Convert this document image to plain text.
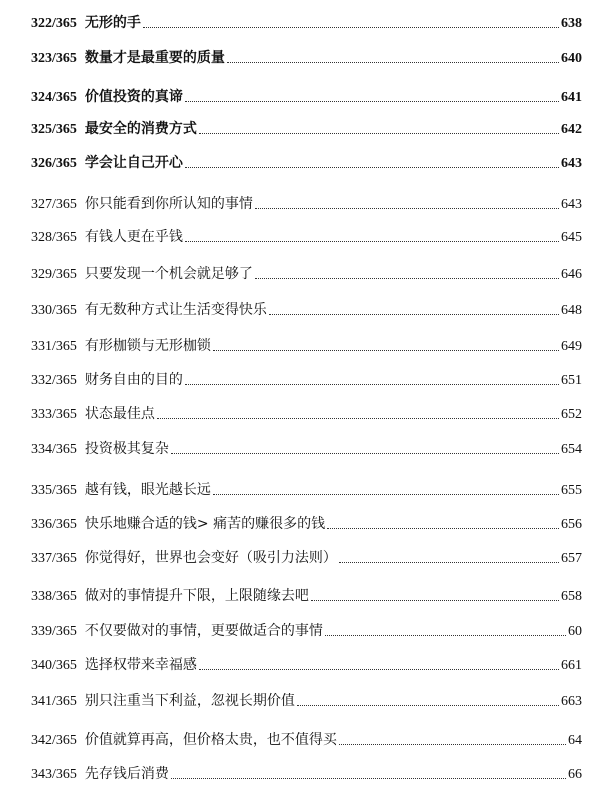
322/365 无形的手	638
323/365 数量才是最重要的质量	640
324/365 价值投资的真谛	641
325/365 最安全的消费方式	642
326/365 学会让自己开心	643
327/365 你只能看到你所认知的事情	643
328/365 有钱人更在乎钱	645
329/365 只要发现一个机会就足够了	646
330/365 有无数种方式让生活变得快乐	648
331/365 有形枷锁与无形枷锁	649
332/365 财务自由的目的	651
333/365 状态最佳点	652
334/365 投资极其复杂	654
335/365 越有钱，眼光越长远	655
336/365 快乐地赚合适的钱> 痛苦的赚很多的钱	656
337/365 你觉得好，世界也会变好（吸引力法则）	657
338/365 做对的事情提升下限，上限随缘去吧	658
339/365 不仅要做对的事情，更要做适合的事情	60
340/365 选择权带来幸福感	661
341/365 别只注重当下利益，忽视长期价值	663
342/365 价值就算再高，但价格太贵，也不值得买	64
343/365 先存钱后消费	66
